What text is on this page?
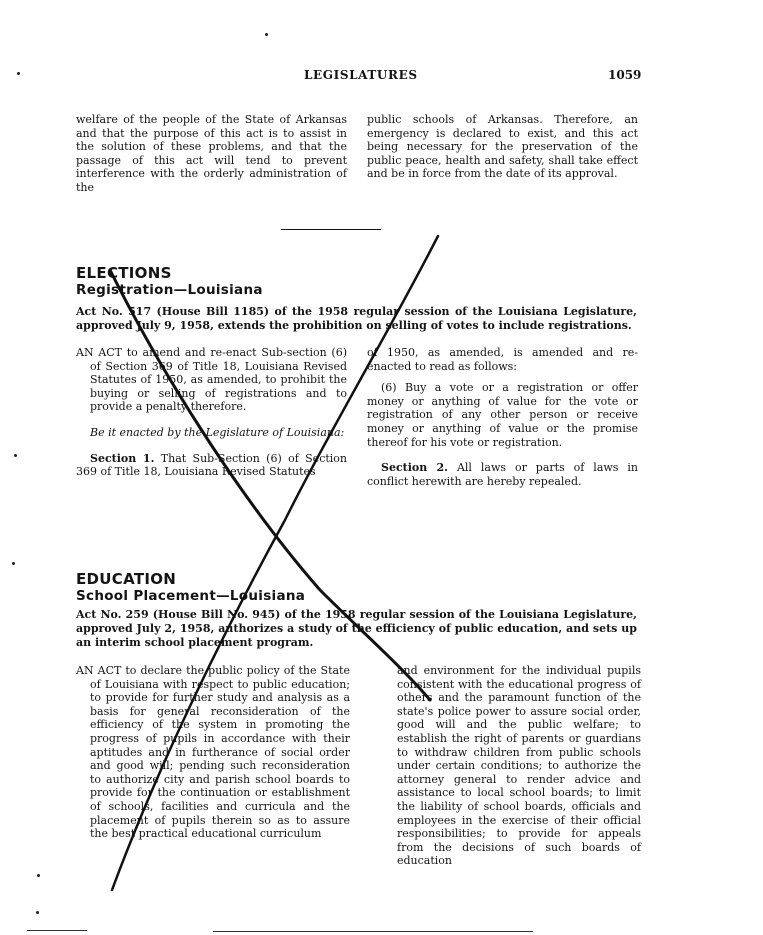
LEGISLATURES	1059

welfare of the people of the State of Arkansas and that the purpose of this act is to assist in the solution of these problems, and that the passage of this act will tend to prevent interference with the orderly administration of the

public schools of Arkansas. Therefore, an emergency is declared to exist, and this act being necessary for the preservation of the public peace, health and safety, shall take effect and be in force from the date of its approval.

ELECTIONS
Registration—Louisiana
Act No. 517 (House Bill 1185) of the 1958 regular session of the Louisiana Legislature, approved July 9, 1958, extends the prohibition on selling of votes to include registrations.

AN ACT to amend and re-enact Sub-section (6) of Section 369 of Title 18, Louisiana Revised Statutes of 1950, as amended, to prohibit the buying or selling of registrations and to provide a penalty therefore.

Be it enacted by the Legislature of Louisiana:

Section 1. That Sub-Section (6) of Section 369 of Title 18, Louisiana Revised Statutes

of 1950, as amended, is amended and re-enacted to read as follows:

(6) Buy a vote or a registration or offer money or anything of value for the vote or registration of any other person or receive money or anything of value or the promise thereof for his vote or registration.

Section 2. All laws or parts of laws in conflict herewith are hereby repealed.

EDUCATION
School Placement—Louisiana
Act No. 259 (House Bill No. 945) of the 1958 regular session of the Louisiana Legislature, approved July 2, 1958, authorizes a study of the efficiency of public education, and sets up an interim school placement program.

AN ACT to declare the public policy of the State of Louisiana with respect to public education; to provide for further study and analysis as a basis for general reconsideration of the efficiency of the system in promoting the progress of pupils in accordance with their aptitudes and in furtherance of social order and good will; pending such reconsideration to authorize city and parish school boards to provide for the continuation or establishment of schools, facilities and curricula and the placement of pupils therein so as to assure the best practical educational curriculum

and environment for the individual pupils consistent with the educational progress of others and the paramount function of the state's police power to assure social order, good will and the public welfare; to establish the right of parents or guardians to withdraw children from public schools under certain conditions; to authorize the attorney general to render advice and assistance to local school boards; to limit the liability of school boards, officials and employees in the exercise of their official responsibilities; to provide for appeals from the decisions of such boards of education
